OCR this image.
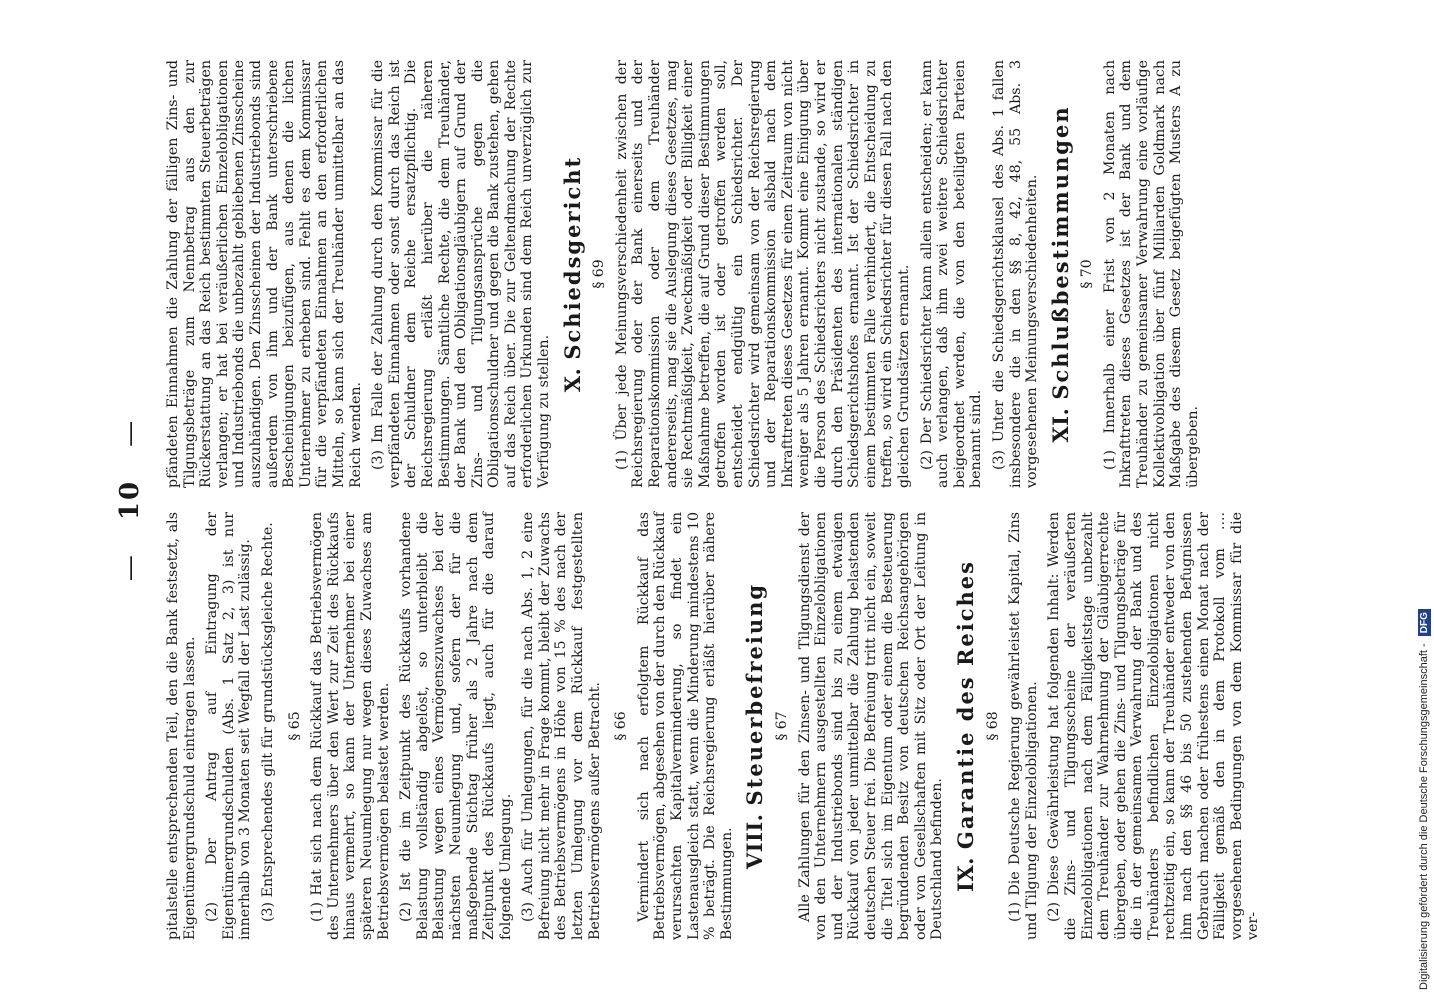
— 10 —

pitalstelle entsprechenden Teil, den die Bank festsetzt, als Eigentümergrundschuld eintragen lassen. (2) Der Antrag auf Eintragung der Eigentümergrundschulden (Abs. 1 Satz 2, 3) ist nur innerhalb von 3 Monaten seit Wegfall der Last zulässig. (3) Entsprechendes gilt für grundstücksgleiche Rechte. § 65 (1) Hat sich nach dem Rückkauf das Betriebsvermögen des Unternehmers über den Wert zur Zeit des Rückkaufs hinaus vermehrt, so kann der Unternehmer bei einer späteren Neuumlegung nur wegen dieses Zuwachses am Betriebsvermögen belastet werden. (2) Ist die im Zeitpunkt des Rückkaufs vorhandene Belastung vollständig abgelöst, so unterbleibt die Belastung wegen eines Vermögenszuwachses bei der nächsten Neuumlegung und, sofern der für die maßgebende Stichtag früher als 2 Jahre nach dem Zeitpunkt des Rückkaufs liegt, auch für die darauf folgende Umlegung. (3) Auch für Umlegungen, für die nach Abs. 1, 2 eine Befreiung nicht mehr in Frage kommt, bleibt der Zuwachs des Betriebsvermögens in Höhe von 15 % des nach der letzten Umlegung vor dem Rückkauf festgestellten Betriebsvermögens außer Betracht. § 66 Vermindert sich nach erfolgtem Rückkauf das Betriebsvermögen, abgesehen von der durch den Rückkauf verursachten Kapitalverminderung, so findet ein Lastenausgleich statt, wenn die Minderung mindestens 10 % beträgt. Die Reichsregierung erläßt hierüber nähere Bestimmungen. VIII.Steuerbefreiung § 67 Alle Zahlungen für den Zinsen- und Tilgungsdienst der von den Unternehmern ausgestellten Einzelobligationen und der Industriebonds sind bis zu einem etwaigen Rückkauf von jeder unmittelbar die Zahlung belastenden deutschen Steuer frei. Die Befreiung tritt nicht ein, soweit die Titel sich im Eigentum oder einem die Besteuerung begründenden Besitz von deutschen Reichsangehörigen oder von Gesellschaften mit Sitz oder Ort der Leitung in Deutschland befinden. IX.Garantie des Reiches § 68 (1) Die Deutsche Regierung gewährleistet Kapital, Zins und Tilgung der Einzelobligationen. (2) Diese Gewährleistung hat folgenden Inhalt: Werden die Zins- und Tilgungsscheine der veräußerten Einzelobligationen nach dem Fälligkeitstage unbezahlt dem Treuhänder zur Wahrnehmung der Gläubigerrechte übergeben, oder gehen die Zins- und Tilgungsbeträge für die in der gemeinsamen Verwahrung der Bank und des Treuhänders befindlichen Einzelobligationen nicht rechtzeitig ein, so kann der Treuhänder entweder von den ihm nach den §§ 46 bis 50 zustehenden Befugnissen Gebrauch machen oder frühestens einen Monat nach der Fälligkeit gemäß den in dem Protokoll vom .... vorgesehenen Bedingungen von dem Kommissar für die ver-

pfändeten Einnahmen die Zahlung der fälligen Zins- und Tilgungsbeträge zum Nennbetrag aus den zur Rückerstattung an das Reich bestimmten Steuerbeträgen verlangen; er hat bei veräußerlichen Einzelobligationen und Industriebonds die unbezahlt gebliebenen Zinsscheine auszuhändigen. Den Zinsscheinen der Industriebonds sind außerdem von ihm und der Bank unterschriebene Bescheinigungen beizufügen, aus denen die lichen Unternehmer zu erheben sind. Fehlt es dem Kommissar für die verpfändeten Einnahmen an den erforderlichen Mitteln, so kann sich der Treuhänder unmittelbar an das Reich wenden. (3) Im Falle der Zahlung durch den Kommissar für die verpfändeten Einnahmen oder sonst durch das Reich ist der Schuldner dem Reiche ersatzpflichtig. Die Reichsregierung erläßt hierüber die näheren Bestimmungen. Sämtliche Rechte, die dem Treuhänder, der Bank und den Obligationsgläubigern auf Grund der Zins- und Tilgungsansprüche gegen die Obligationsschuldner und gegen die Bank zustehen, gehen auf das Reich über. Die zur Geltendmachung der Rechte erforderlichen Urkunden sind dem Reich unverzüglich zur Verfügung zu stellen. X.Schiedsgericht § 69 (1) Über jede Meinungsverschiedenheit zwischen der Reichsregierung oder der Bank einerseits und der Reparationskommission oder dem Treuhänder andererseits, mag sie die Auslegung dieses Gesetzes, mag sie Rechtmäßigkeit, Zweckmäßigkeit oder Billigkeit einer Maßnahme betreffen, die auf Grund dieser Bestimmungen getroffen worden ist oder getroffen werden soll, entscheidet endgültig ein Schiedsrichter. Der Schiedsrichter wird gemeinsam von der Reichsregierung und der Reparationskommission alsbald nach dem Inkrafttreten dieses Gesetzes für einen Zeitraum von nicht weniger als 5 Jahren ernannt. Kommt eine Einigung über die Person des Schiedsrichters nicht zustande, so wird er durch den Präsidenten des internationalen ständigen Schiedsgerichtshofes ernannt. Ist der Schiedsrichter in einem bestimmten Falle verhindert, die Entscheidung zu treffen, so wird ein Schiedsrichter für diesen Fall nach den gleichen Grundsätzen ernannt. (2) Der Schiedsrichter kann allein entscheiden; er kann auch verlangen, daß ihm zwei weitere Schiedsrichter beigeordnet werden, die von den beteiligten Parteien benannt sind. (3) Unter die Schiedsgerichtsklausel des Abs. 1 fallen insbesondere die in den §§ 8, 42, 48, 55 Abs. 3 vorgesehenen Meinungsverschiedenheiten. XI.Schlußbestimmungen § 70 (1) Innerhalb einer Frist von 2 Monaten nach Inkrafttreten dieses Gesetzes ist der Bank und dem Treuhänder zu gemeinsamer Verwahrung eine vorläufige Kollektivobligation über fünf Milliarden Goldmark nach Maßgabe des diesem Gesetz beigefügten Musters A zu übergeben.

Digitalisierung gefördert durch die Deutsche Forschungsgemeinschaft - DFG
